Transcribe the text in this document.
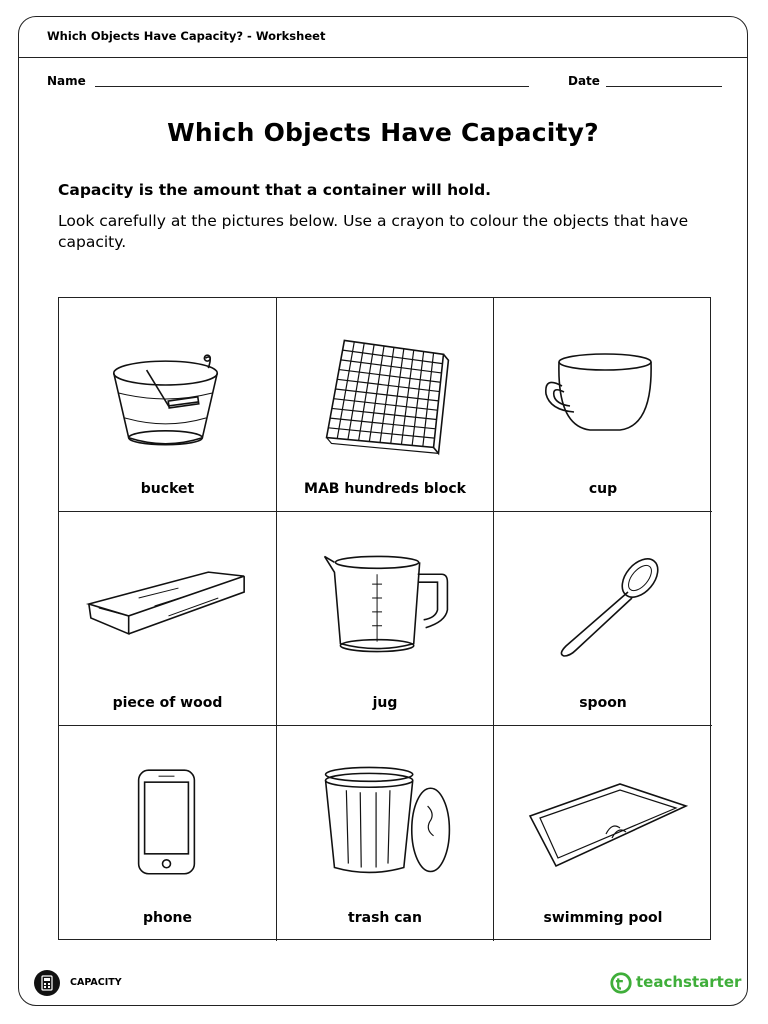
Which Objects Have Capacity? - Worksheet
Name	Date
Which Objects Have Capacity?
Capacity is the amount that a container will hold.
Look carefully at the pictures below. Use a crayon to colour the objects that have capacity.
bucket	MAB hundreds block	cup
piece of wood	jug	spoon
phone	trash can	swimming pool
CAPACITY	teachstarter
